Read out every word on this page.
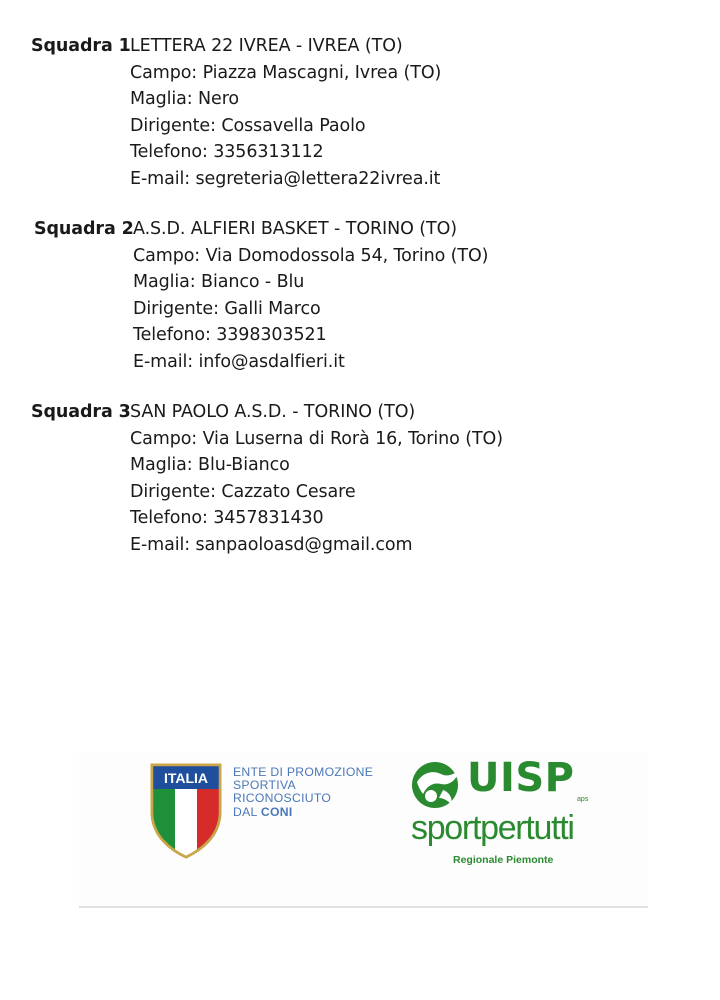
Squadra 1 LETTERA 22 IVREA - IVREA (TO)
Campo: Piazza Mascagni, Ivrea (TO)
Maglia: Nero
Dirigente: Cossavella Paolo
Telefono: 3356313112
E-mail: segreteria@lettera22ivrea.it
Squadra 2 A.S.D. ALFIERI BASKET - TORINO (TO)
Campo: Via Domodossola 54, Torino (TO)
Maglia: Bianco - Blu
Dirigente: Galli Marco
Telefono: 3398303521
E-mail: info@asdalfieri.it
Squadra 3 SAN PAOLO A.S.D. - TORINO (TO)
Campo: Via Luserna di Rorà 16, Torino (TO)
Maglia: Blu-Bianco
Dirigente: Cazzato Cesare
Telefono: 3457831430
E-mail: sanpaoloasd@gmail.com
ITALIA ENTE DI PROMOZIONE
SPORTIVA
RICONOSCIUTO
DAL CONI
UISP aps
sportpertutti
Regionale Piemonte
